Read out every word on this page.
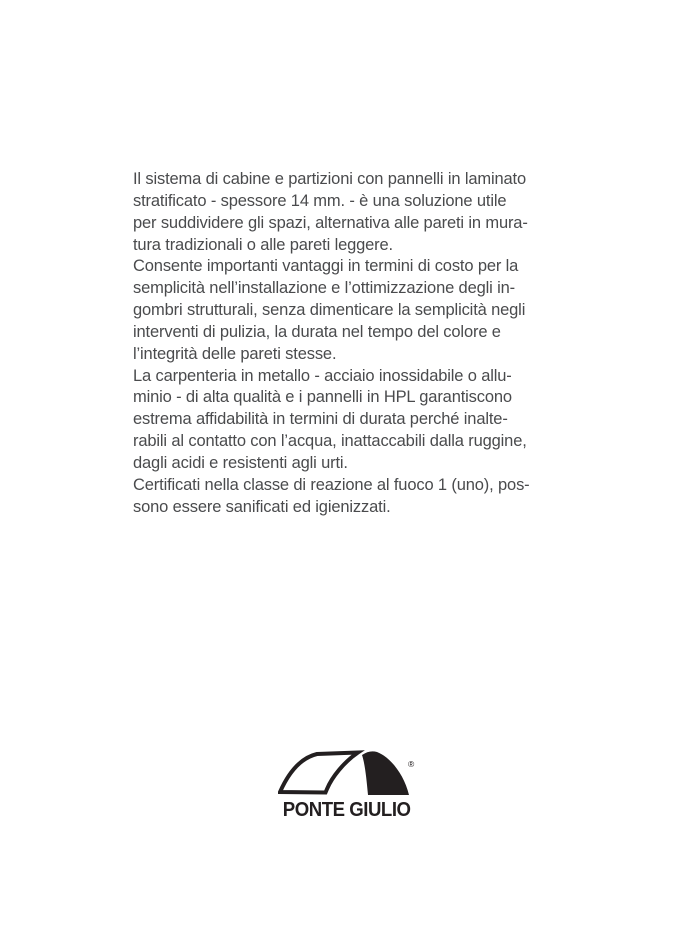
Il sistema di cabine e partizioni con pannelli in laminato
stratificato - spessore 14 mm. - è una soluzione utile
per suddividere gli spazi, alternativa alle pareti in mura-
tura tradizionali o alle pareti leggere.
Consente importanti vantaggi in termini di costo per la
semplicità nell’installazione e l’ottimizzazione degli in-
gombri strutturali, senza dimenticare la semplicità negli
interventi di pulizia, la durata nel tempo del colore e
l’integrità delle pareti stesse.
La carpenteria in metallo - acciaio inossidabile o allu-
minio - di alta qualità e i pannelli in HPL garantiscono
estrema affidabilità in termini di durata perché inalte-
rabili al contatto con l’acqua, inattaccabili dalla ruggine,
dagli acidi e resistenti agli urti.
Certificati nella classe di reazione al fuoco 1 (uno), pos-
sono essere sanificati ed igienizzati.
®
PONTE GIULIO
